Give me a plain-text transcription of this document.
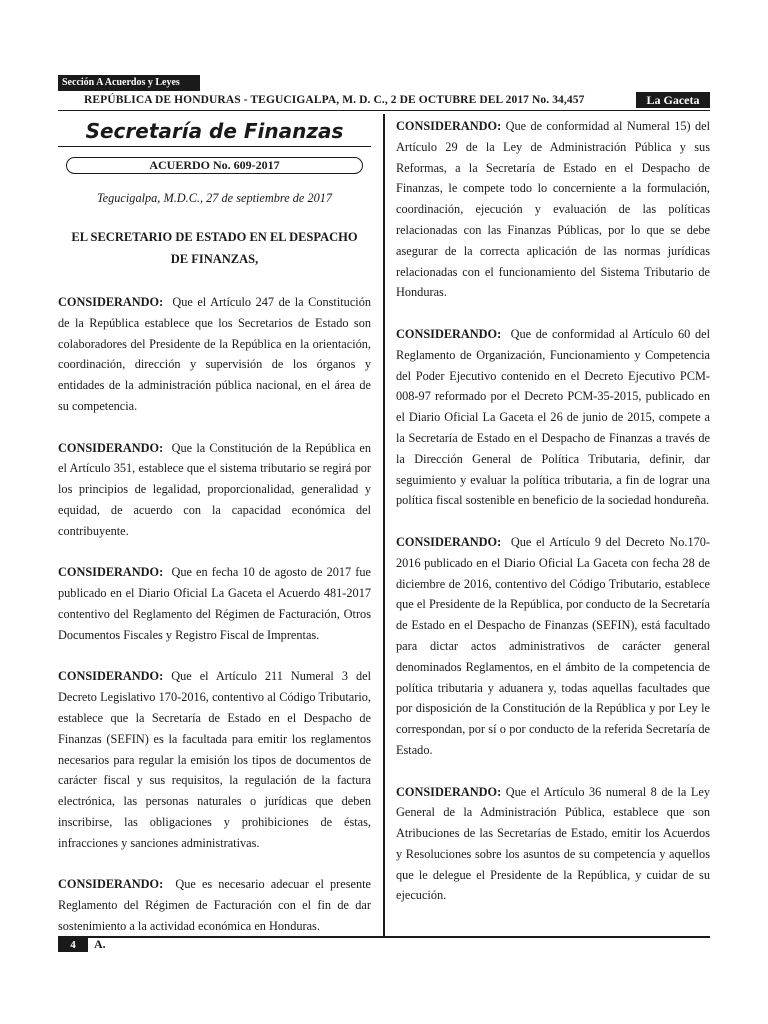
Sección A Acuerdos y Leyes
REPÚBLICA DE HONDURAS - TEGUCIGALPA, M. D. C., 2 DE OCTUBRE DEL 2017 No. 34,457	La Gaceta
Secretaría de Finanzas
ACUERDO No. 609-2017
Tegucigalpa, M.D.C., 27 de septiembre de 2017
EL SECRETARIO DE ESTADO EN EL DESPACHO
DE FINANZAS,

CONSIDERANDO: Que el Artículo 247 de la Constitución de la República establece que los Secretarios de Estado son colaboradores del Presidente de la República en la orientación, coordinación, dirección y supervisión de los órganos y entidades de la administración pública nacional, en el área de su competencia.

CONSIDERANDO: Que la Constitución de la República en el Artículo 351, establece que el sistema tributario se regirá por los principios de legalidad, proporcionalidad, generalidad y equidad, de acuerdo con la capacidad económica del contribuyente.

CONSIDERANDO: Que en fecha 10 de agosto de 2017 fue publicado en el Diario Oficial La Gaceta el Acuerdo 481-2017 contentivo del Reglamento del Régimen de Facturación, Otros Documentos Fiscales y Registro Fiscal de Imprentas.

CONSIDERANDO: Que el Artículo 211 Numeral 3 del Decreto Legislativo 170-2016, contentivo al Código Tributario, establece que la Secretaría de Estado en el Despacho de Finanzas (SEFIN) es la facultada para emitir los reglamentos necesarios para regular la emisión los tipos de documentos de carácter fiscal y sus requisitos, la regulación de la factura electrónica, las personas naturales o jurídicas que deben inscribirse, las obligaciones y prohibiciones de éstas, infracciones y sanciones administrativas.

CONSIDERANDO: Que es necesario adecuar el presente Reglamento del Régimen de Facturación con el fin de dar sostenimiento a la actividad económica en Honduras.

CONSIDERANDO: Que de conformidad al Numeral 15) del Artículo 29 de la Ley de Administración Pública y sus Reformas, a la Secretaría de Estado en el Despacho de Finanzas, le compete todo lo concerniente a la formulación, coordinación, ejecución y evaluación de las políticas relacionadas con las Finanzas Públicas, por lo que se debe asegurar de la correcta aplicación de las normas jurídicas relacionadas con el funcionamiento del Sistema Tributario de Honduras.

CONSIDERANDO: Que de conformidad al Artículo 60 del Reglamento de Organización, Funcionamiento y Competencia del Poder Ejecutivo contenido en el Decreto Ejecutivo PCM-008-97 reformado por el Decreto PCM-35-2015, publicado en el Diario Oficial La Gaceta el 26 de junio de 2015, compete a la Secretaría de Estado en el Despacho de Finanzas a través de la Dirección General de Política Tributaria, definir, dar seguimiento y evaluar la política tributaria, a fin de lograr una política fiscal sostenible en beneficio de la sociedad hondureña.

CONSIDERANDO: Que el Artículo 9 del Decreto No.170-2016 publicado en el Diario Oficial La Gaceta con fecha 28 de diciembre de 2016, contentivo del Código Tributario, establece que el Presidente de la República, por conducto de la Secretaría de Estado en el Despacho de Finanzas (SEFIN), está facultado para dictar actos administrativos de carácter general denominados Reglamentos, en el ámbito de la competencia de política tributaria y aduanera y, todas aquellas facultades que por disposición de la Constitución de la República y por Ley le correspondan, por sí o por conducto de la referida Secretaría de Estado.

CONSIDERANDO: Que el Artículo 36 numeral 8 de la Ley General de la Administración Pública, establece que son Atribuciones de las Secretarías de Estado, emitir los Acuerdos y Resoluciones sobre los asuntos de su competencia y aquellos que le delegue el Presidente de la República, y cuidar de su ejecución.

4	A.
